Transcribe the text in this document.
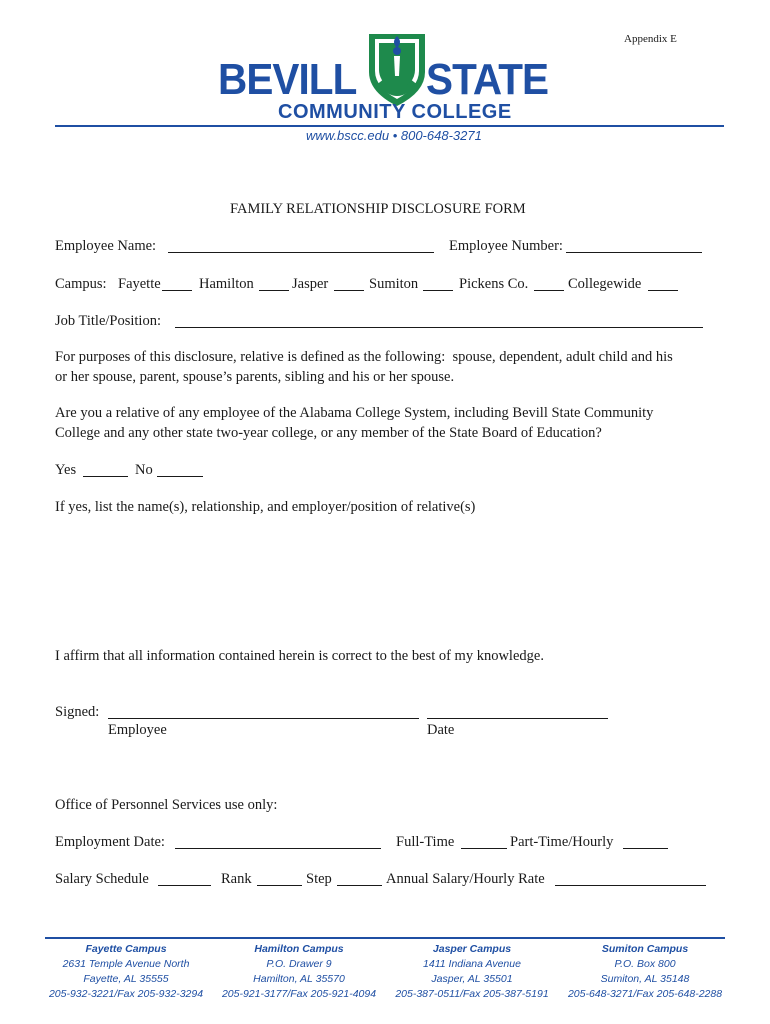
Appendix E
BEVILL STATE
COMMUNITY COLLEGE
www.bscc.edu • 800-648-3271
FAMILY RELATIONSHIP DISCLOSURE FORM
Employee Name:	Employee Number:
Campus: Fayette	Hamilton	Jasper	Sumiton	Pickens Co.	Collegewide
Job Title/Position:
For purposes of this disclosure, relative is defined as the following:  spouse, dependent, adult child and his
or her spouse, parent, spouse’s parents, sibling and his or her spouse.
Are you a relative of any employee of the Alabama College System, including Bevill State Community
College and any other state two-year college, or any member of the State Board of Education?
Yes	No
If yes, list the name(s), relationship, and employer/position of relative(s)
I affirm that all information contained herein is correct to the best of my knowledge.
Signed:
Employee	Date
Office of Personnel Services use only:
Employment Date:	Full-Time	Part-Time/Hourly
Salary Schedule	Rank	Step	Annual Salary/Hourly Rate
Fayette Campus
2631 Temple Avenue North
Fayette, AL 35555
205-932-3221/Fax 205-932-3294
Hamilton Campus
P.O. Drawer 9
Hamilton, AL 35570
205-921-3177/Fax 205-921-4094
Jasper Campus
1411 Indiana Avenue
Jasper, AL 35501
205-387-0511/Fax 205-387-5191
Sumiton Campus
P.O. Box 800
Sumiton, AL 35148
205-648-3271/Fax 205-648-2288
